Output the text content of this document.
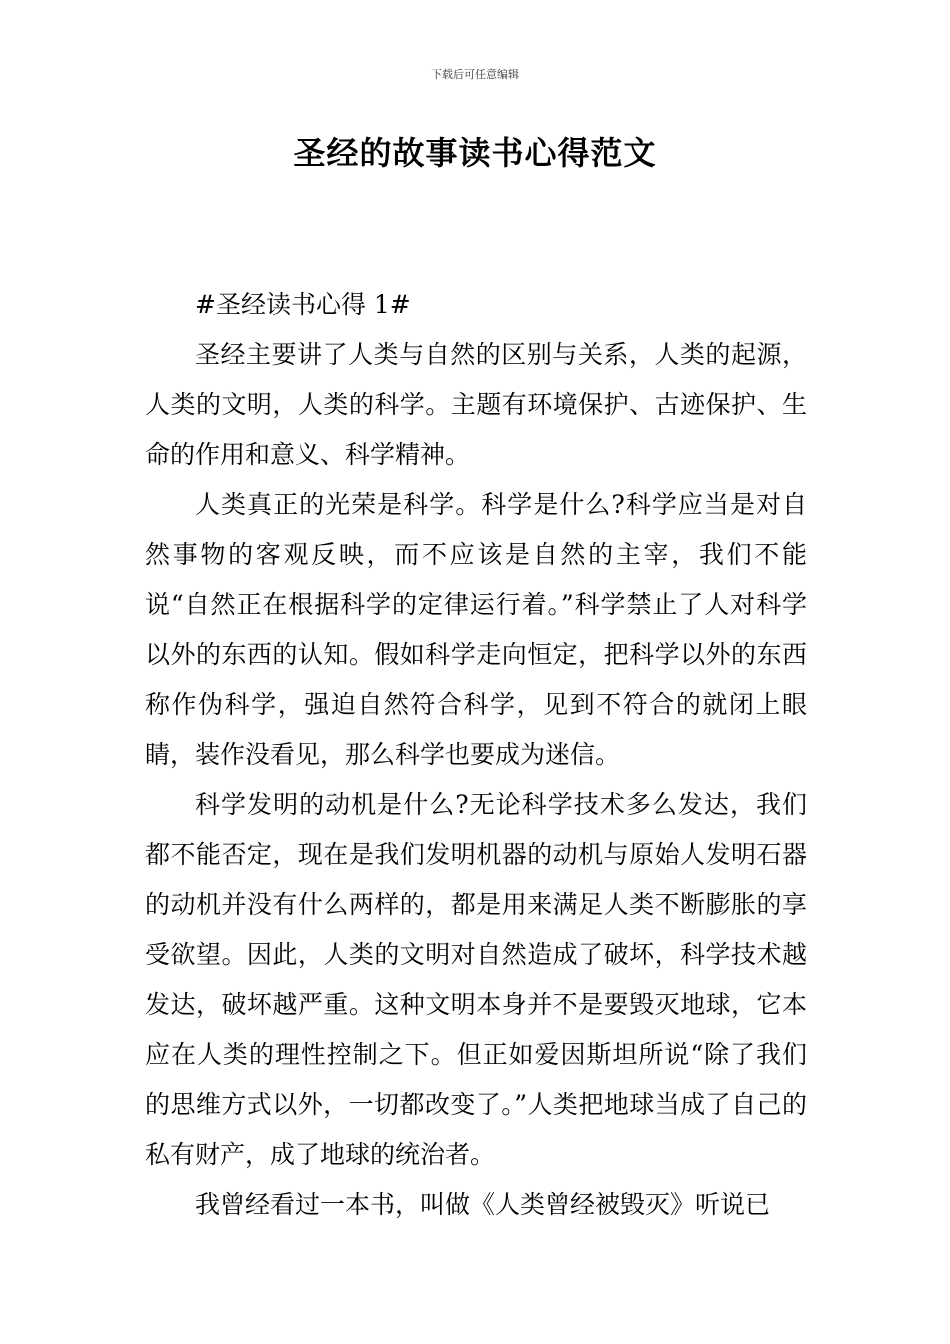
下载后可任意编辑
圣经的故事读书心得范文

#圣经读书心得 1#

圣经主要讲了人类与自然的区别与关系，人类的起源，人类的文明，人类的科学。主题有环境保护、古迹保护、生命的作用和意义、科学精神。

人类真正的光荣是科学。科学是什么?科学应当是对自然事物的客观反映，而不应该是自然的主宰，我们不能说“自然正在根据科学的定律运行着。”科学禁止了人对科学以外的东西的认知。假如科学走向恒定，把科学以外的东西称作伪科学，强迫自然符合科学，见到不符合的就闭上眼睛，装作没看见，那么科学也要成为迷信。

科学发明的动机是什么?无论科学技术多么发达，我们都不能否定，现在是我们发明机器的动机与原始人发明石器的动机并没有什么两样的，都是用来满足人类不断膨胀的享受欲望。因此，人类的文明对自然造成了破坏，科学技术越发达，破坏越严重。这种文明本身并不是要毁灭地球，它本应在人类的理性控制之下。但正如爱因斯坦所说“除了我们的思维方式以外，一切都改变了。”人类把地球当成了自己的私有财产，成了地球的统治者。

我曾经看过一本书，叫做《人类曾经被毁灭》听说已
